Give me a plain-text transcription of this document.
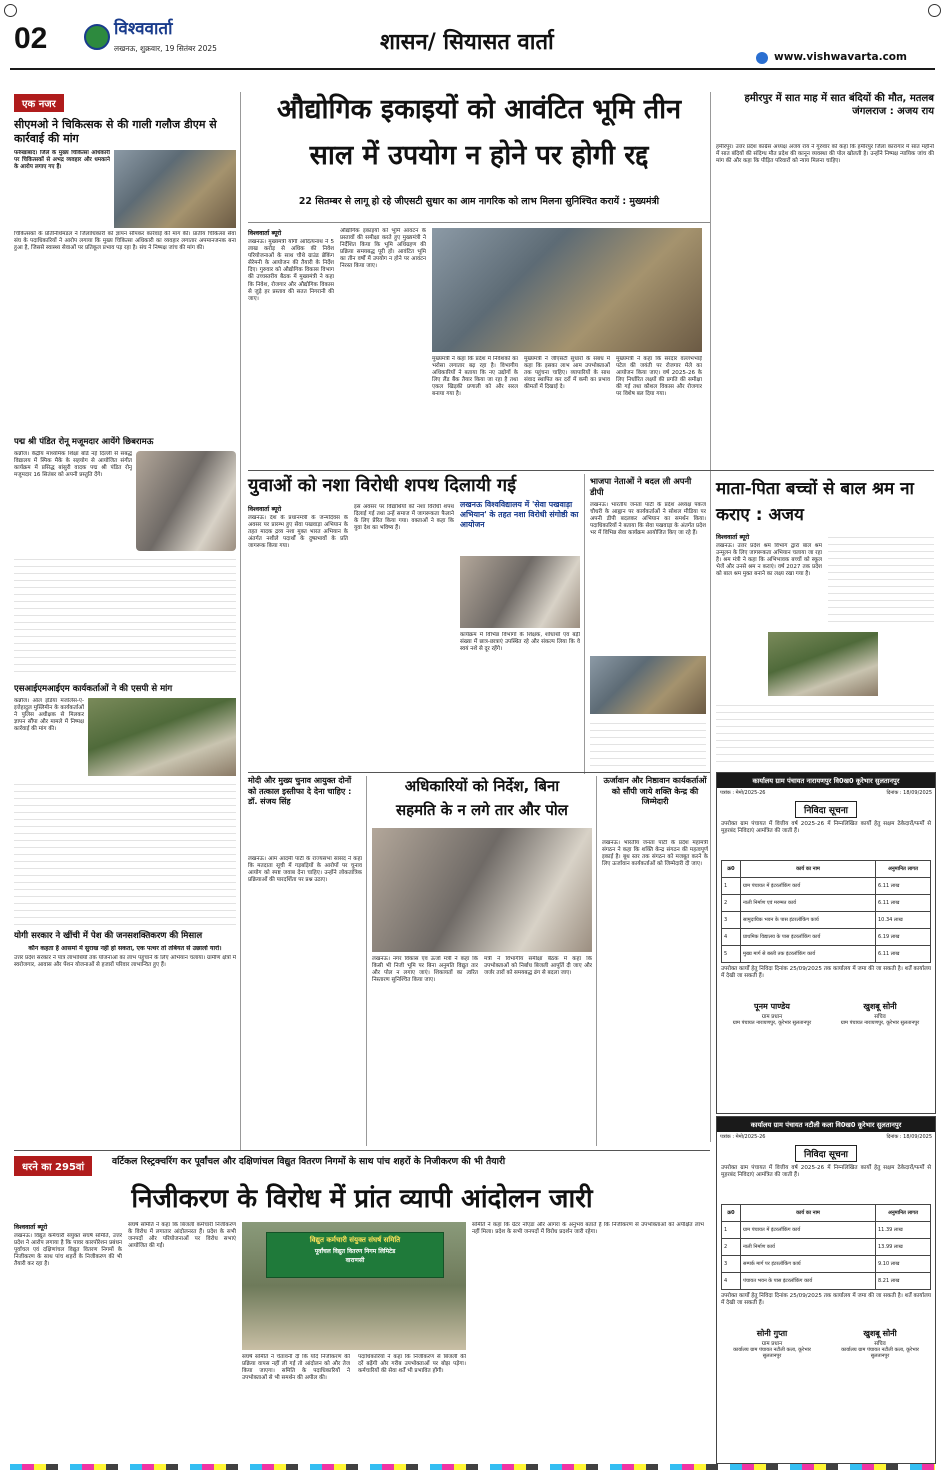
02	विश्ववार्ता
लखनऊ, शुक्रवार, 19 सितंबर 2025	शासन/ सियासत वार्ता
www.vishwavarta.com
एक नजर
सीएमओ ने चिकित्सक से की गाली गलौज डीएम से कार्रवाई की मांग
फर्रुखाबाद। जिले के मुख्य चिकित्सा अधिकारी पर चिकित्सकों से अभद्र व्यवहार और धमकाने के आरोप लगाए गए हैं।
चिकित्सकों के प्रतिनिधिमंडल ने जिलाधिकारी को ज्ञापन सौंपकर कार्रवाई की मांग की। प्रांतीय चिकित्सा सेवा संघ के पदाधिकारियों ने आरोप लगाया कि मुख्य चिकित्सा अधिकारी का व्यवहार लगातार अपमानजनक बना हुआ है, जिससे स्वास्थ्य सेवाओं पर प्रतिकूल प्रभाव पड़ रहा है। संघ ने निष्पक्ष जांच की मांग की।
पद्म श्री पंडित रोनू मजूमदार आयेंगे छिबरामऊ
कन्नौज। केंद्रीय माध्यमिक शिक्षा बोर्ड नई दिल्ली से संबद्ध विद्यालय में स्पिक मैके के सहयोग से आयोजित संगीत कार्यक्रम में प्रसिद्ध बांसुरी वादक पद्म श्री पंडित रोनू मजूमदार 16 सितंबर को अपनी प्रस्तुति देंगे।
एसआईएमआईएम कार्यकर्ताओं ने की एसपी से मांग
कन्नौज। ऑल इंडिया मजलिस-ए-इत्तेहादुल मुस्लिमीन के कार्यकर्ताओं ने पुलिस अधीक्षक से मिलकर ज्ञापन सौंपा और मामले में निष्पक्ष कार्रवाई की मांग की।
योगी सरकार ने खींची में पेश की जनसशक्तिकरण की मिसाल
कौन कहता है आसमां में सुराख नहीं हो सकता, एक पत्थर तो तबियत से उछालो यारो।
उत्तर प्रदेश सरकार ने पात्र लाभार्थियों तक योजनाओं का लाभ पहुंचाने के लिए अभियान चलाया। ग्रामीण क्षेत्रों में स्वरोजगार, आवास और पेंशन योजनाओं से हजारों परिवार लाभान्वित हुए हैं।
औद्योगिक इकाइयों को आवंटित भूमि तीन
साल में उपयोग न होने पर होगी रद्द
22 सितम्बर से लागू हो रहे जीएसटी सुधार का आम नागरिक को लाभ मिलना सुनिश्चित करायें : मुख्यमंत्री
विश्ववार्ता ब्यूरो
लखनऊ। मुख्यमंत्री योगी आदित्यनाथ ने 5 लाख करोड़ से अधिक की निवेश परियोजनाओं के साथ चौथे ग्राउंड ब्रेकिंग सेरेमनी के आयोजन की तैयारी के निर्देश दिए। गुरुवार को औद्योगिक विकास विभाग की उच्चस्तरीय बैठक में मुख्यमंत्री ने कहा कि निवेश, रोजगार और औद्योगिक विकास से जुड़े हर प्रस्ताव की सतत निगरानी की जाए।
औद्योगिक इकाइयों को भूमि आवंटन के प्रस्तावों की समीक्षा करते हुए मुख्यमंत्री ने निर्देशित किया कि भूमि अधिग्रहण की प्रक्रिया समयबद्ध पूरी हो। आवंटित भूमि का तीन वर्षों में उपयोग न होने पर आवंटन निरस्त किया जाए।
मुख्यमंत्री ने कहा कि प्रदेश में निवेशकों का भरोसा लगातार बढ़ रहा है। विभागीय अधिकारियों ने बताया कि नए उद्योगों के लिए लैंड बैंक तैयार किया जा रहा है तथा एकल खिड़की प्रणाली को और सरल बनाया गया है।
मुख्यमंत्री ने जीएसटी सुधारों के संबंध में कहा कि इसका लाभ आम उपभोक्ताओं तक पहुंचना चाहिए। व्यापारियों के साथ संवाद स्थापित कर दरों में कमी का प्रभाव कीमतों में दिखाई दे।
मुख्यमंत्री ने कहा कि सरदार वल्लभभाई पटेल की जयंती पर रोजगार मेले का आयोजन किया जाए। वर्ष 2025-26 के लिए निर्धारित लक्ष्यों की प्रगति की समीक्षा की गई तथा कौशल विकास और रोजगार पर विशेष बल दिया गया।
हमीरपुर में सात माह में सात बंदियों की मौत, मतलब जंगलराज : अजय राय
हमीरपुर। उत्तर प्रदेश कांग्रेस अध्यक्ष अजय राय ने गुरुवार को कहा कि हमीरपुर जिला कारागार में सात महीनों में सात बंदियों की संदिग्ध मौत प्रदेश की कानून व्यवस्था की पोल खोलती है। उन्होंने निष्पक्ष न्यायिक जांच की मांग की और कहा कि पीड़ित परिवारों को न्याय मिलना चाहिए।
युवाओं को नशा विरोधी शपथ दिलायी गई
विश्ववार्ता ब्यूरो
लखनऊ। देश के प्रधानमंत्री के जन्मदिवस के अवसर पर प्रारम्भ हुए सेवा पखवाड़ा अभियान के तहत मादक द्रव्य नशा मुक्त भारत अभियान के अंतर्गत नशीले पदार्थों के दुष्प्रभावों के प्रति जागरूक किया गया।
इस अवसर पर विद्यार्थियों को नशा विरोधी शपथ दिलाई गई तथा उन्हें समाज में जागरूकता फैलाने के लिए प्रेरित किया गया। वक्ताओं ने कहा कि युवा देश का भविष्य हैं।
लखनऊ विश्वविद्यालय में 'सेवा पखवाड़ा अभियान' के तहत नशा विरोधी संगोष्ठी का आयोजन
कार्यक्रम में विभिन्न विभागों के शिक्षक, शोधार्थी एवं बड़ी संख्या में छात्र-छात्राएं उपस्थित रहे और संकल्प लिया कि वे स्वयं नशे से दूर रहेंगे।
भाजपा नेताओं ने बदल ली अपनी डीपी
लखनऊ। भारतीय जनता पार्टी के प्रदेश अध्यक्ष पंकज चौधरी के आह्वान पर कार्यकर्ताओं ने सोशल मीडिया पर अपनी डीपी बदलकर अभियान का समर्थन किया। पदाधिकारियों ने बताया कि सेवा पखवाड़ा के अंतर्गत प्रदेश भर में विभिन्न सेवा कार्यक्रम आयोजित किए जा रहे हैं।
माता-पिता बच्चों से बाल श्रम ना कराए : अजय
विश्ववार्ता ब्यूरो
लखनऊ। उत्तर प्रदेश श्रम विभाग द्वारा बाल श्रम उन्मूलन के लिए जागरूकता अभियान चलाया जा रहा है। श्रम मंत्री ने कहा कि अभिभावक बच्चों को स्कूल भेजें और उनसे श्रम न कराएं। वर्ष 2027 तक प्रदेश को बाल श्रम मुक्त बनाने का लक्ष्य रखा गया है।
मोदी और मुख्य चुनाव आयुक्त दोनों को तत्काल इस्तीफा दे देना चाहिए : डॉ. संजय सिंह
लखनऊ। आम आदमी पार्टी के राज्यसभा सांसद ने कहा कि मतदाता सूची में गड़बड़ियों के आरोपों पर चुनाव आयोग को स्पष्ट जवाब देना चाहिए। उन्होंने लोकतांत्रिक प्रक्रियाओं की पारदर्शिता पर प्रश्न उठाए।
अधिकारियों को निर्देश, बिना
सहमति के न लगे तार और पोल
लखनऊ। नगर विकास एवं ऊर्जा मंत्री ने कहा कि किसी भी निजी भूमि पर बिना अनुमति विद्युत तार और पोल न लगाए जाएं। शिकायतों का त्वरित निस्तारण सुनिश्चित किया जाए।
मंत्री ने विभागीय समीक्षा बैठक में कहा कि उपभोक्ताओं को निर्बाध बिजली आपूर्ति दी जाए और जर्जर तारों को समयबद्ध ढंग से बदला जाए।
ऊर्जावान और निष्ठावान कार्यकर्ताओं को सौंपी जाये शक्ति केन्द्र की जिम्मेदारी
लखनऊ। भारतीय जनता पार्टी के प्रदेश महामंत्री संगठन ने कहा कि शक्ति केन्द्र संगठन की महत्वपूर्ण इकाई है। बूथ स्तर तक संगठन को मजबूत करने के लिए ऊर्जावान कार्यकर्ताओं को जिम्मेदारी दी जाए।
कार्यालय ग्राम पंचायत नारायणपुर वि0ख0 कूरेभार सुलतानपुर
पत्रांक : मेमो/2025-26	दिनांक : 18/09/2025
निविदा सूचना
उपरोक्त ग्राम पंचायत में वित्तीय वर्ष 2025-26 में निम्नलिखित कार्यों हेतु सक्षम ठेकेदारों/फर्मों से मुहरबंद निविदाएं आमंत्रित की जाती हैं।
क्र0	कार्य का नाम	अनुमानित लागत
1	ग्राम पंचायत में इंटरलॉकिंग कार्य	6.11 लाख
2	नाली निर्माण एवं मरम्मत कार्य	6.11 लाख
3	सामुदायिक भवन के पास इंटरलॉकिंग कार्य	10.34 लाख
4	प्राथमिक विद्यालय के पास इंटरलॉकिंग कार्य	6.19 लाख
5	मुख्य मार्ग से बस्ती तक इंटरलॉकिंग कार्य	6.11 लाख
उपरोक्त कार्यों हेतु निविदा दिनांक 25/09/2025 तक कार्यालय में जमा की जा सकती है। शर्तें कार्यालय में देखी जा सकती हैं।
पूनम पाण्डेय
ग्राम प्रधान
ग्राम पंचायत नारायणपुर, कूरेभार सुलतानपुर
खुशबू सोनी
सचिव
ग्राम पंचायत नारायणपुर, कूरेभार सुलतानपुर
कार्यालय ग्राम पंचायत नटौली कला वि0ख0 कूरेभार सुलतानपुर
पत्रांक : मेमो/2025-26	दिनांक : 18/09/2025
निविदा सूचना
उपरोक्त ग्राम पंचायत में वित्तीय वर्ष 2025-26 में निम्नलिखित कार्यों हेतु सक्षम ठेकेदारों/फर्मों से मुहरबंद निविदाएं आमंत्रित की जाती हैं।
क्र0	कार्य का नाम	अनुमानित लागत
1	ग्राम पंचायत में इंटरलॉकिंग कार्य	11.39 लाख
2	नाली निर्माण कार्य	13.99 लाख
3	सम्पर्क मार्ग पर इंटरलॉकिंग कार्य	9.10 लाख
4	पंचायत भवन के पास इंटरलॉकिंग कार्य	8.21 लाख
उपरोक्त कार्यों हेतु निविदा दिनांक 25/09/2025 तक कार्यालय में जमा की जा सकती है। शर्तें कार्यालय में देखी जा सकती हैं।
सोनी गुप्ता
ग्राम प्रधान
कार्यालय ग्राम पंचायत नटौली कला, कूरेभार सुलतानपुर
खुशबू सोनी
सचिव
कार्यालय ग्राम पंचायत नटौली कला, कूरेभार सुलतानपुर
धरने का 295वां
वर्टिकल रिस्ट्रक्चरिंग कर पूर्वांचल और दक्षिणांचल विद्युत वितरण निगमों के साथ पांच शहरों के निजीकरण की भी तैयारी
निजीकरण के विरोध में प्रांत व्यापी आंदोलन जारी
विश्ववार्ता ब्यूरो
लखनऊ। विद्युत कर्मचारी संयुक्त संघर्ष समिति, उत्तर प्रदेश ने आरोप लगाया है कि पावर कारपोरेशन प्रबंधन पूर्वांचल एवं दक्षिणांचल विद्युत वितरण निगमों के निजीकरण के साथ पांच शहरों के निजीकरण की भी तैयारी कर रहा है।
संघर्ष समिति ने कहा कि बिजली कर्मचारी निजीकरण के विरोध में लगातार आंदोलनरत हैं। प्रदेश के सभी जनपदों और परियोजनाओं पर विरोध सभाएं आयोजित की गईं।
विद्युत कर्मचारी संयुक्त संघर्ष समिति
पूर्वांचल विद्युत वितरण निगम लिमिटेड
वाराणसी
संघर्ष समिति ने चेतावनी दी कि यदि निजीकरण की प्रक्रिया वापस नहीं ली गई तो आंदोलन को और तेज किया जाएगा। समिति के पदाधिकारियों ने उपभोक्ताओं से भी समर्थन की अपील की।
पदाधिकारियों ने कहा कि निजीकरण से बिजली की दरें बढ़ेंगी और गरीब उपभोक्ताओं पर बोझ पड़ेगा। कर्मचारियों की सेवा शर्तें भी प्रभावित होंगी।
समिति ने कहा कि ग्रेटर नोएडा और आगरा के अनुभव बताते हैं कि निजीकरण से उपभोक्ताओं को अपेक्षित लाभ नहीं मिला। प्रदेश के सभी जनपदों में विरोध प्रदर्शन जारी रहेगा।
